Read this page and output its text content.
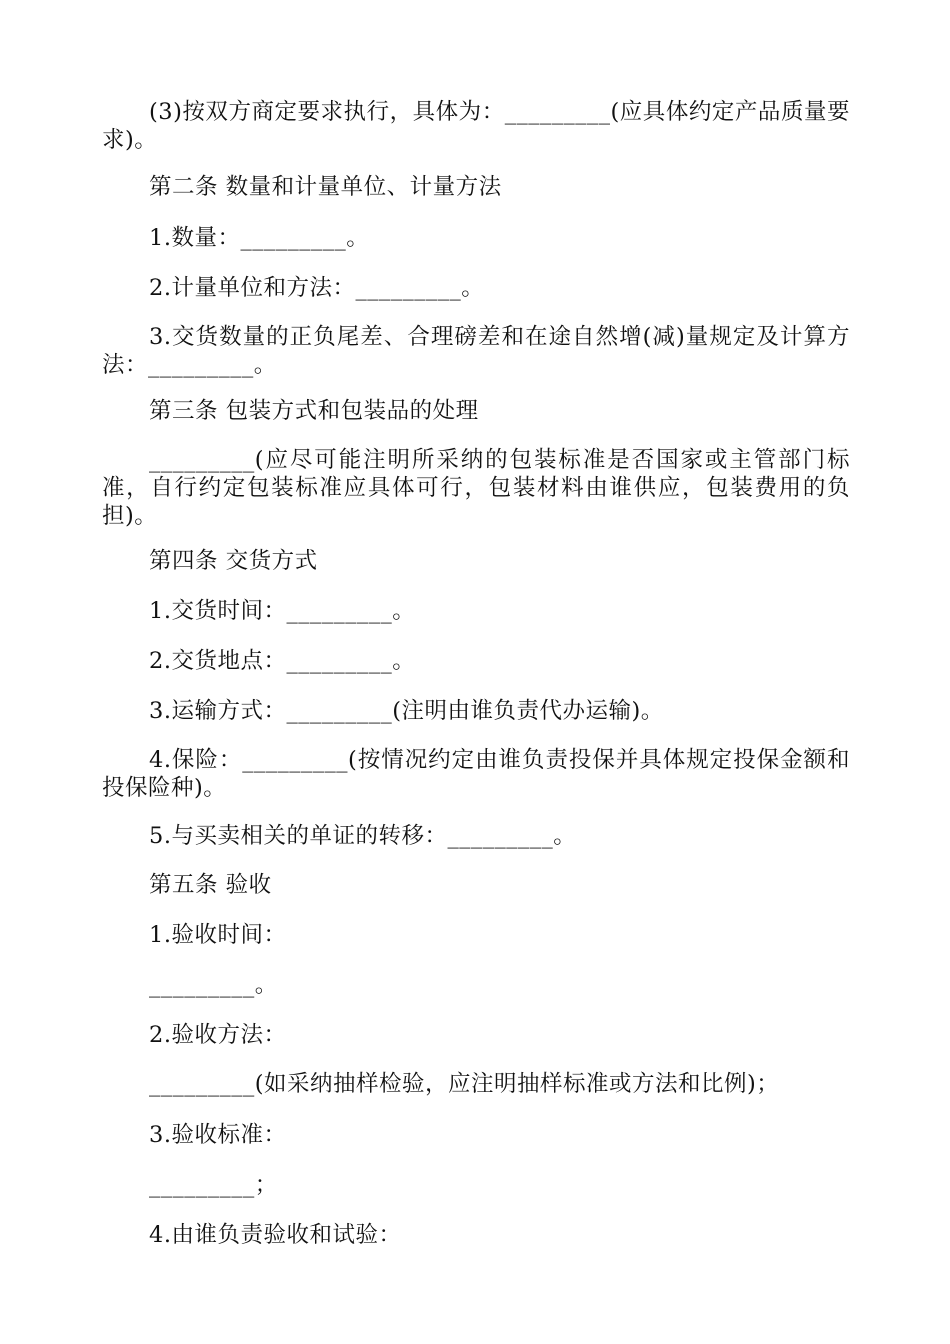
(3)按双方商定要求执行，具体为：_________(应具体约定产品质量要求)。

第二条 数量和计量单位、计量方法

1.数量：_________。

2.计量单位和方法：_________。

3.交货数量的正负尾差、合理磅差和在途自然增(减)量规定及计算方法：_________。

第三条 包装方式和包装品的处理

_________(应尽可能注明所采纳的包装标准是否国家或主管部门标准，自行约定包装标准应具体可行，包装材料由谁供应，包装费用的负担)。

第四条 交货方式

1.交货时间：_________。

2.交货地点：_________。

3.运输方式：_________(注明由谁负责代办运输)。

4.保险：_________(按情况约定由谁负责投保并具体规定投保金额和投保险种)。

5.与买卖相关的单证的转移：_________。

第五条 验收

1.验收时间：

_________。

2.验收方法：

_________(如采纳抽样检验，应注明抽样标准或方法和比例)；

3.验收标准：

_________；

4.由谁负责验收和试验：
